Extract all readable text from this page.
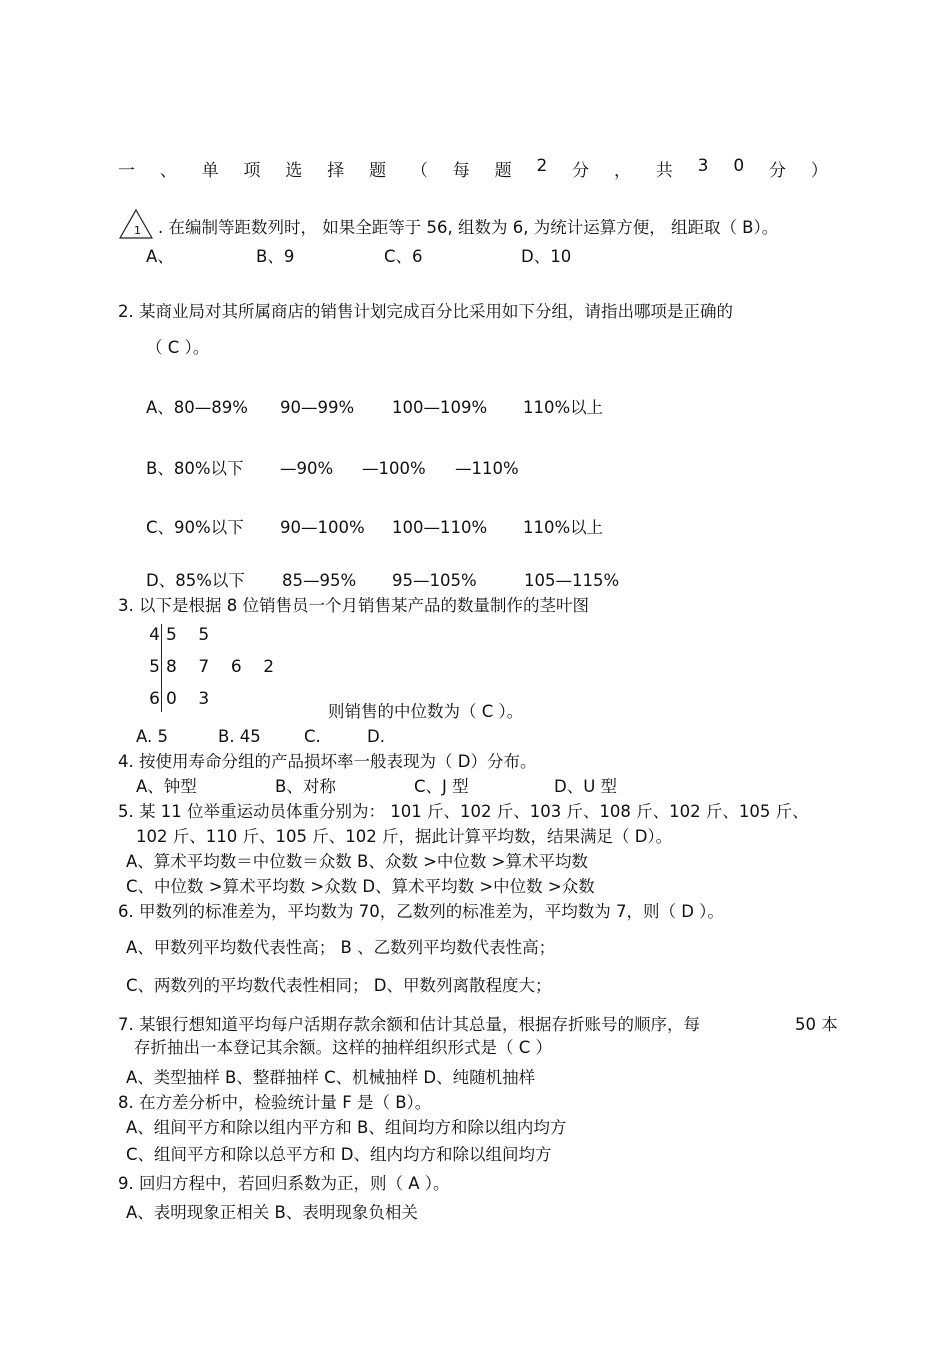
一 、 单 项 选 择 题 （ 每 题 2 分 ， 共 3 0 分 ）
1 . 在编制等距数列时， 如果全距等于 56, 组数为 6, 为统计运算方便， 组距取（ B）。
A、	B、9	C、6	D、10
2. 某商业局对其所属商店的销售计划完成百分比采用如下分组，请指出哪项是正确的
（ C ）。
A、80—89% 90—99% 100—109% 110%以上
B、80%以下 —90% —100% —110%
C、90%以下 90—100% 100—110% 110%以上
D、85%以下 85—95% 95—105%	105—115%
3. 以下是根据 8 位销售员一个月销售某产品的数量制作的茎叶图
则销售的中位数为（ C ）。
A. 5	B. 45	C.	D.
4. 按使用寿命分组的产品损坏率一般表现为（ D）分布。
A、钟型	B、对称	C、J 型	D、U 型
5. 某 11 位举重运动员体重分别为： 101 斤、102 斤、103 斤、108 斤、102 斤、105 斤、
102 斤、110 斤、105 斤、102 斤，据此计算平均数，结果满足（ D）。
A、算术平均数＝中位数＝众数 B、众数 >中位数 >算术平均数
C、中位数 >算术平均数 >众数 D、算术平均数 >中位数 >众数
6. 甲数列的标准差为，平均数为 70，乙数列的标准差为，平均数为 7，则（ D ）。
A、甲数列平均数代表性高； B 、乙数列平均数代表性高；
C、两数列的平均数代表性相同； D、甲数列离散程度大；
7. 某银行想知道平均每户活期存款余额和估计其总量，根据存折账号的顺序，每	50 本
存折抽出一本登记其余额。这样的抽样组织形式是（ C ）
A、类型抽样 B、整群抽样 C、机械抽样 D、纯随机抽样
8. 在方差分析中，检验统计量 F 是（ B）。
A、组间平方和除以组内平方和 B、组间均方和除以组内均方
C、组间平方和除以总平方和 D、组内均方和除以组间均方
9. 回归方程中，若回归系数为正，则（ A ）。
A、表明现象正相关 B、表明现象负相关
4 5    5
5 8    7    6    2
6 0    3
